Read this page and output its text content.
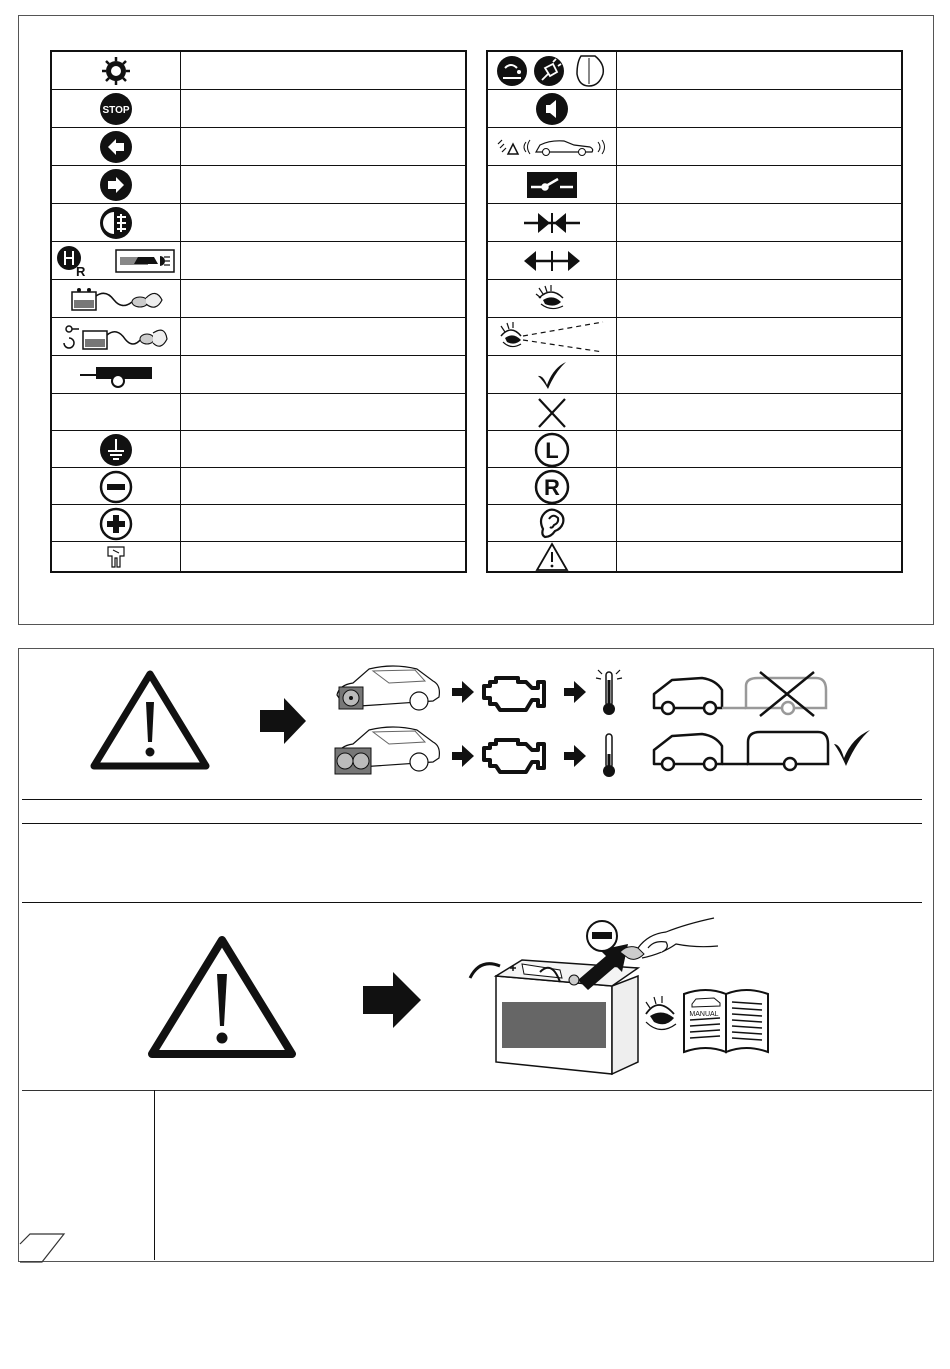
STOP
R
L
R
MANUAL
